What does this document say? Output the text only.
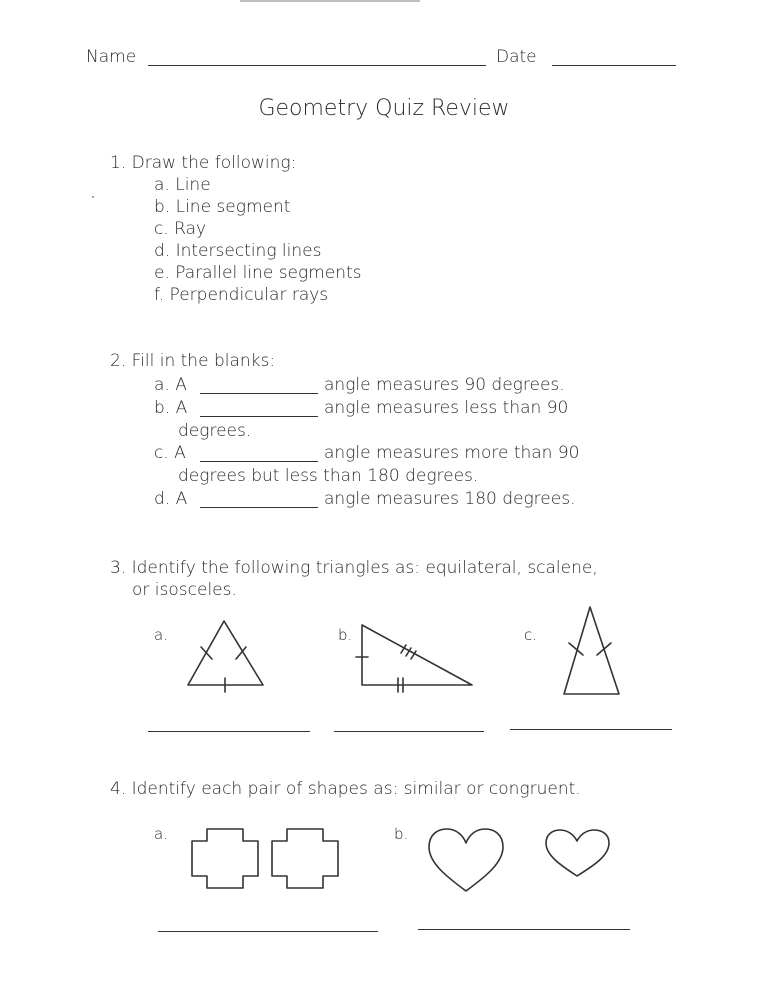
Name	Date
Geometry Quiz Review
1. Draw the following:
a. Line
b. Line segment
c. Ray
d. Intersecting lines
e. Parallel line segments
f. Perpendicular rays
2. Fill in the blanks:
a. A	angle measures 90 degrees.
b. A	angle measures less than 90
degrees.
c. A	angle measures more than 90
degrees but less than 180 degrees.
d. A	angle measures 180 degrees.
3. Identify the following triangles as: equilateral, scalene,
or isosceles.
a.	b.	c.
4. Identify each pair of shapes as: similar or congruent.
a.	b.
